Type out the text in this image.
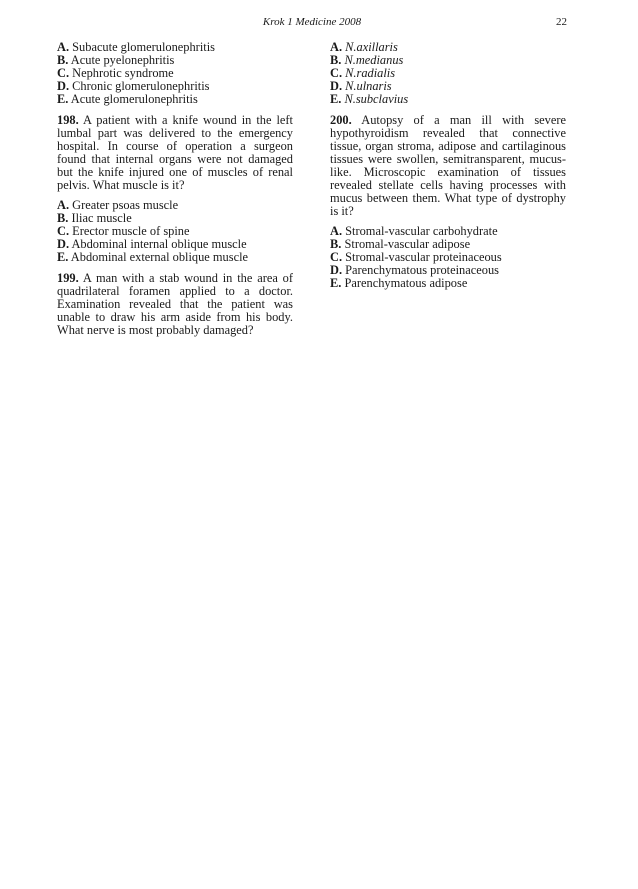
Krok 1 Medicine 2008	22
A. Subacute glomerulonephritis
B. Acute pyelonephritis
C. Nephrotic syndrome
D. Chronic glomerulonephritis
E. Acute glomerulonephritis

198. A patient with a knife wound in the left lumbal part was delivered to the emergency hospital. In course of operation a surgeon found that internal organs were not damaged but the knife injured one of muscles of renal pelvis. What muscle is it?

A. Greater psoas muscle
B. Iliac muscle
C. Erector muscle of spine
D. Abdominal internal oblique muscle
E. Abdominal external oblique muscle

199. A man with a stab wound in the area of quadrilateral foramen applied to a doctor. Examination revealed that the patient was unable to draw his arm aside from his body. What nerve is most probably damaged?

A. N.axillaris
B. N.medianus
C. N.radialis
D. N.ulnaris
E. N.subclavius

200. Autopsy of a man ill with severe hypothyroidism revealed that connective tissue, organ stroma, adipose and cartilaginous tissues were swollen, semitransparent, mucus-like. Microscopic examination of tissues revealed stellate cells having processes with mucus between them. What type of dystrophy is it?

A. Stromal-vascular carbohydrate
B. Stromal-vascular adipose
C. Stromal-vascular proteinaceous
D. Parenchymatous proteinaceous
E. Parenchymatous adipose
